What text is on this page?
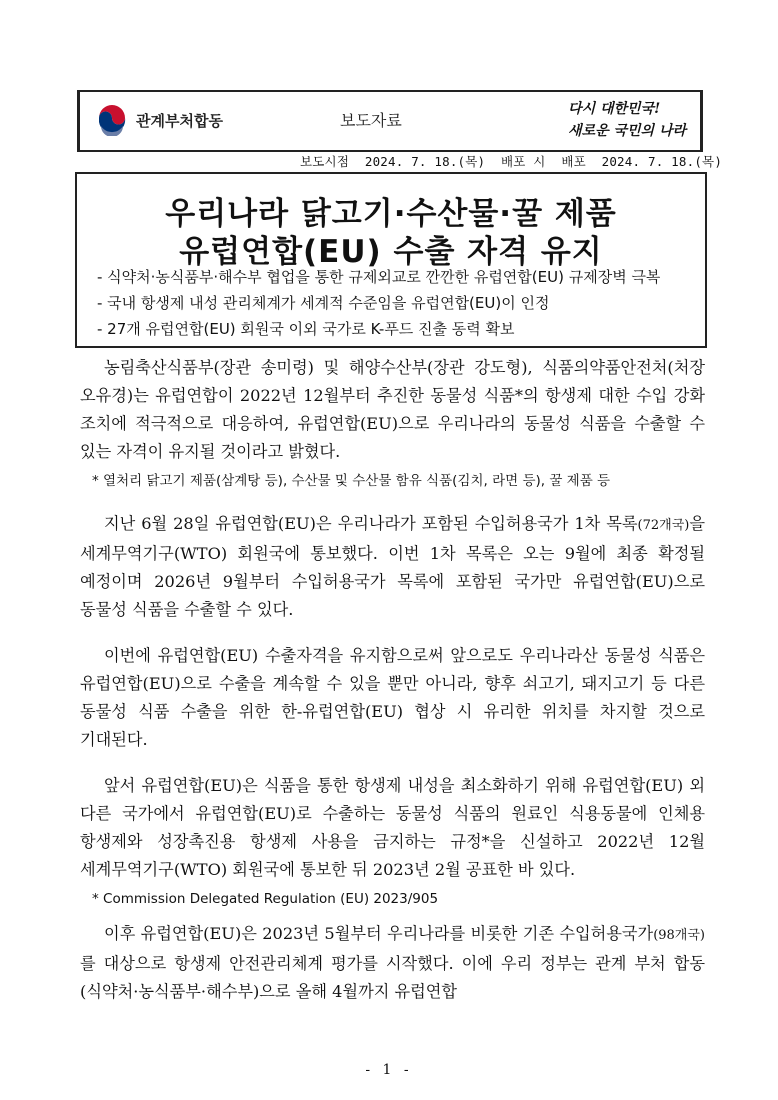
관계부처합동	보도자료
다시 대한민국!
새로운 국민의 나라
보도시점 2024. 7. 18.(목) 배포 시 배포 2024. 7. 18.(목)
우리나라 닭고기·수산물·꿀 제품
유럽연합(EU) 수출 자격 유지
- 식약처·농식품부·해수부 협업을 통한 규제외교로 깐깐한 유럽연합(EU) 규제장벽 극복
- 국내 항생제 내성 관리체계가 세계적 수준임을 유럽연합(EU)이 인정
- 27개 유럽연합(EU) 회원국 이외 국가로 K-푸드 진출 동력 확보

농림축산식품부(장관 송미령) 및 해양수산부(장관 강도형), 식품의약품안전처(처장 오유경)는 유럽연합이 2022년 12월부터 추진한 동물성 식품*의 항생제 대한 수입 강화 조치에 적극적으로 대응하여, 유럽연합(EU)으로 우리나라의 동물성 식품을 수출할 수 있는 자격이 유지될 것이라고 밝혔다.

* 열처리 닭고기 제품(삼계탕 등), 수산물 및 수산물 함유 식품(김치, 라면 등), 꿀 제품 등

지난 6월 28일 유럽연합(EU)은 우리나라가 포함된 수입허용국가 1차 목록(72개국)을 세계무역기구(WTO) 회원국에 통보했다. 이번 1차 목록은 오는 9월에 최종 확정될 예정이며 2026년 9월부터 수입허용국가 목록에 포함된 국가만 유럽연합(EU)으로 동물성 식품을 수출할 수 있다.

이번에 유럽연합(EU) 수출자격을 유지함으로써 앞으로도 우리나라산 동물성 식품은 유럽연합(EU)으로 수출을 계속할 수 있을 뿐만 아니라, 향후 쇠고기, 돼지고기 등 다른 동물성 식품 수출을 위한 한-유럽연합(EU) 협상 시 유리한 위치를 차지할 것으로 기대된다.

앞서 유럽연합(EU)은 식품을 통한 항생제 내성을 최소화하기 위해 유럽연합(EU) 외 다른 국가에서 유럽연합(EU)로 수출하는 동물성 식품의 원료인 식용동물에 인체용 항생제와 성장촉진용 항생제 사용을 금지하는 규정*을 신설하고 2022년 12월 세계무역기구(WTO) 회원국에 통보한 뒤 2023년 2월 공표한 바 있다.

* Commission Delegated Regulation (EU) 2023/905

이후 유럽연합(EU)은 2023년 5월부터 우리나라를 비롯한 기존 수입허용국가(98개국)를 대상으로 항생제 안전관리체계 평가를 시작했다. 이에 우리 정부는 관계 부처 합동(식약처·농식품부·해수부)으로 올해 4월까지 유럽연합

- 1 -
